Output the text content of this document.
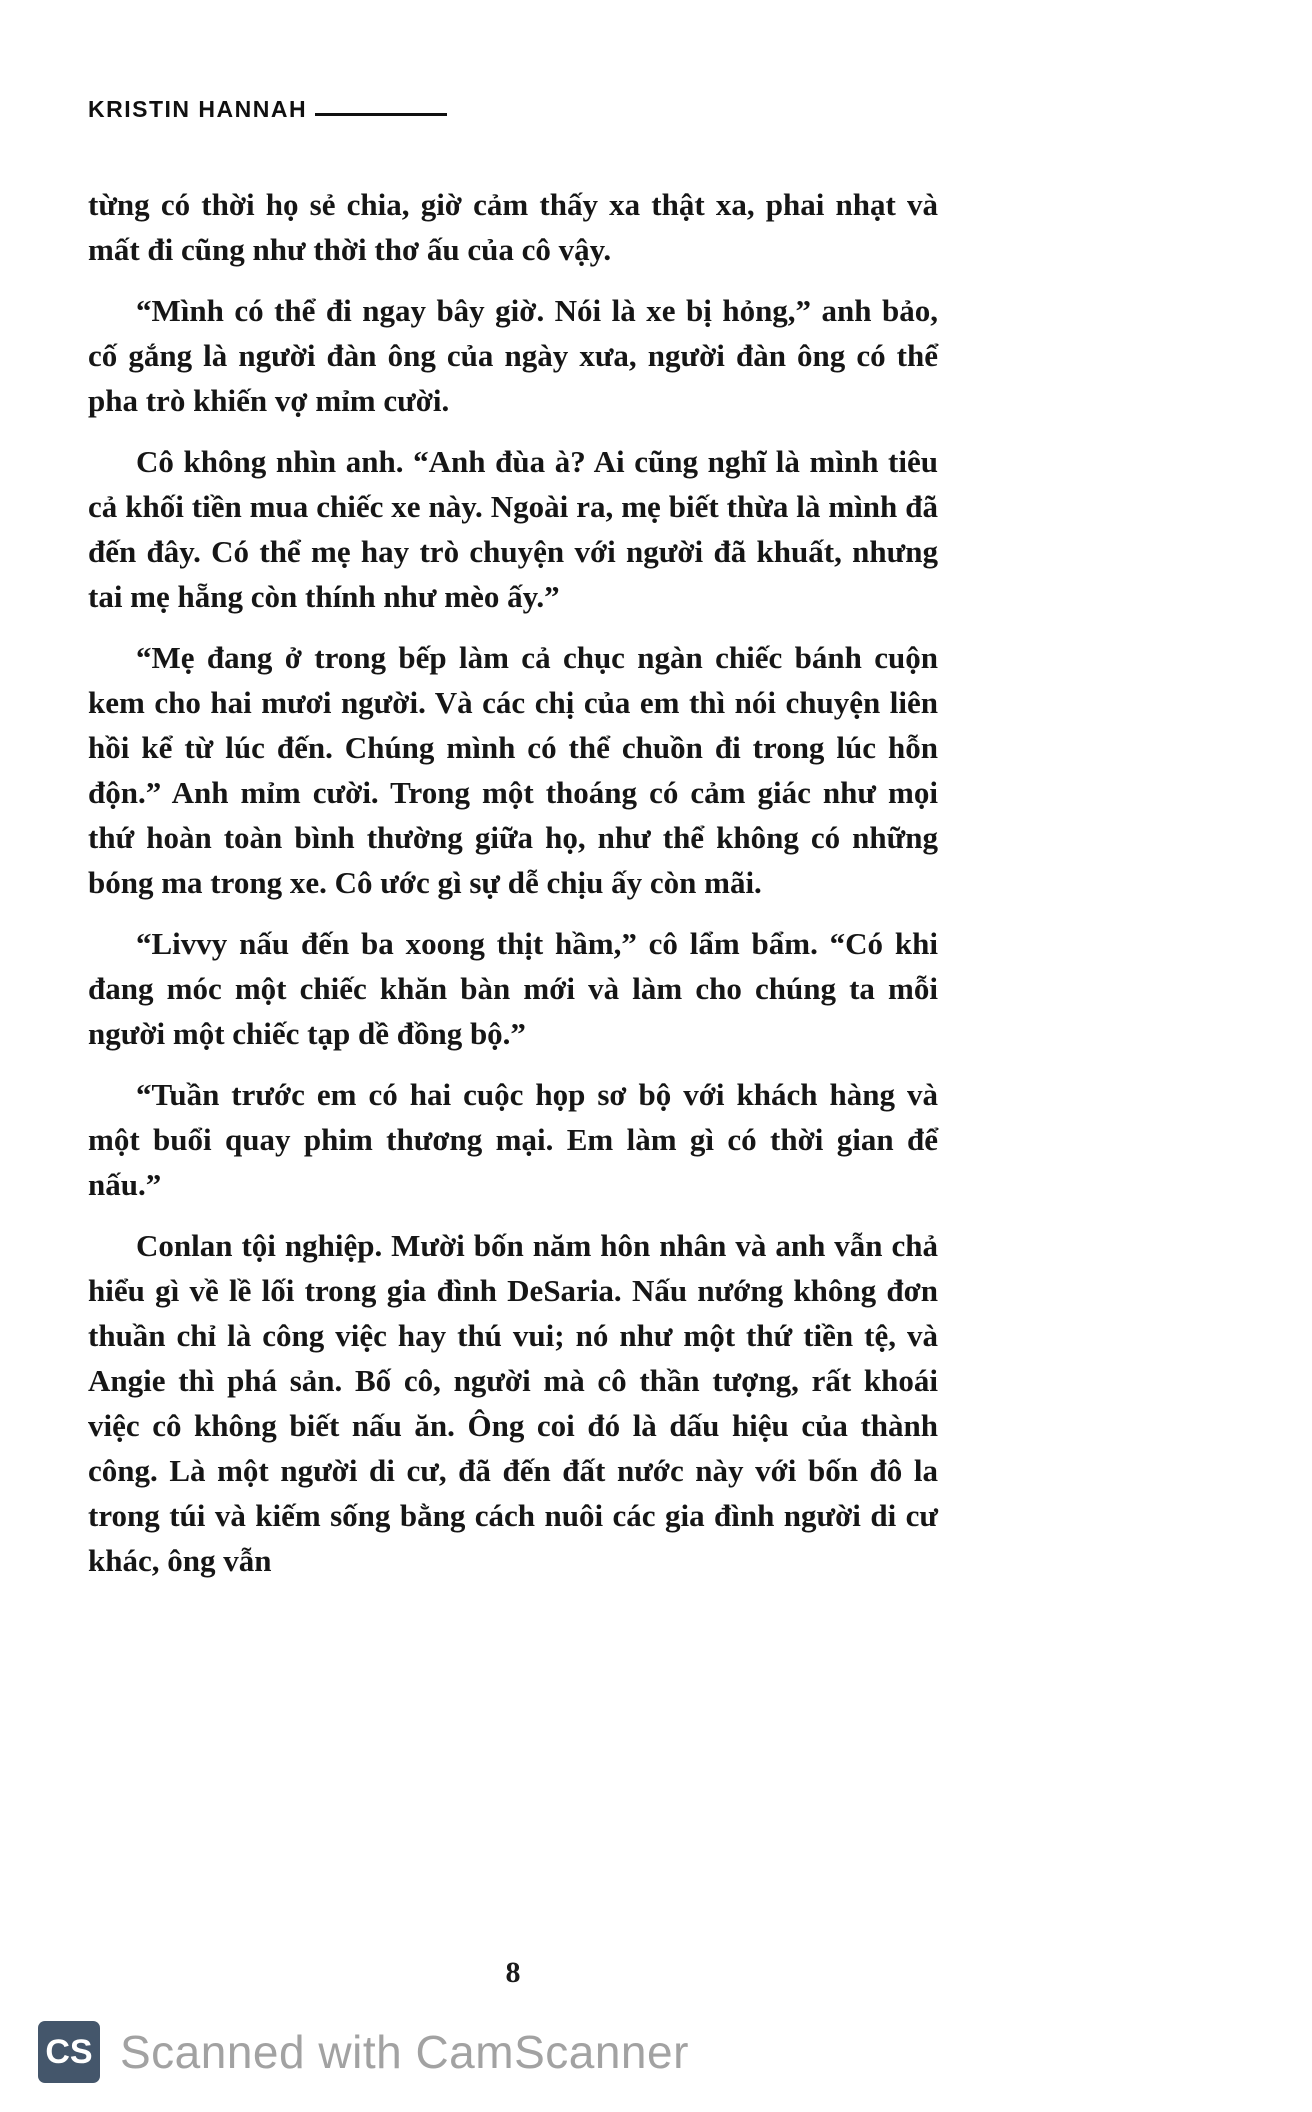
KRISTIN HANNAH

từng có thời họ sẻ chia, giờ cảm thấy xa thật xa, phai nhạt và mất đi cũng như thời thơ ấu của cô vậy.

“Mình có thể đi ngay bây giờ. Nói là xe bị hỏng,” anh bảo, cố gắng là người đàn ông của ngày xưa, người đàn ông có thể pha trò khiến vợ mỉm cười.

Cô không nhìn anh. “Anh đùa à? Ai cũng nghĩ là mình tiêu cả khối tiền mua chiếc xe này. Ngoài ra, mẹ biết thừa là mình đã đến đây. Có thể mẹ hay trò chuyện với người đã khuất, nhưng tai mẹ hẵng còn thính như mèo ấy.”

“Mẹ đang ở trong bếp làm cả chục ngàn chiếc bánh cuộn kem cho hai mươi người. Và các chị của em thì nói chuyện liên hồi kể từ lúc đến. Chúng mình có thể chuồn đi trong lúc hỗn độn.” Anh mỉm cười. Trong một thoáng có cảm giác như mọi thứ hoàn toàn bình thường giữa họ, như thể không có những bóng ma trong xe. Cô ước gì sự dễ chịu ấy còn mãi.

“Livvy nấu đến ba xoong thịt hầm,” cô lẩm bẩm. “Có khi đang móc một chiếc khăn bàn mới và làm cho chúng ta mỗi người một chiếc tạp dề đồng bộ.”

“Tuần trước em có hai cuộc họp sơ bộ với khách hàng và một buổi quay phim thương mại. Em làm gì có thời gian để nấu.”

Conlan tội nghiệp. Mười bốn năm hôn nhân và anh vẫn chả hiểu gì về lề lối trong gia đình DeSaria. Nấu nướng không đơn thuần chỉ là công việc hay thú vui; nó như một thứ tiền tệ, và Angie thì phá sản. Bố cô, người mà cô thần tượng, rất khoái việc cô không biết nấu ăn. Ông coi đó là dấu hiệu của thành công. Là một người di cư, đã đến đất nước này với bốn đô la trong túi và kiếm sống bằng cách nuôi các gia đình người di cư khác, ông vẫn

8
CS Scanned with CamScanner
